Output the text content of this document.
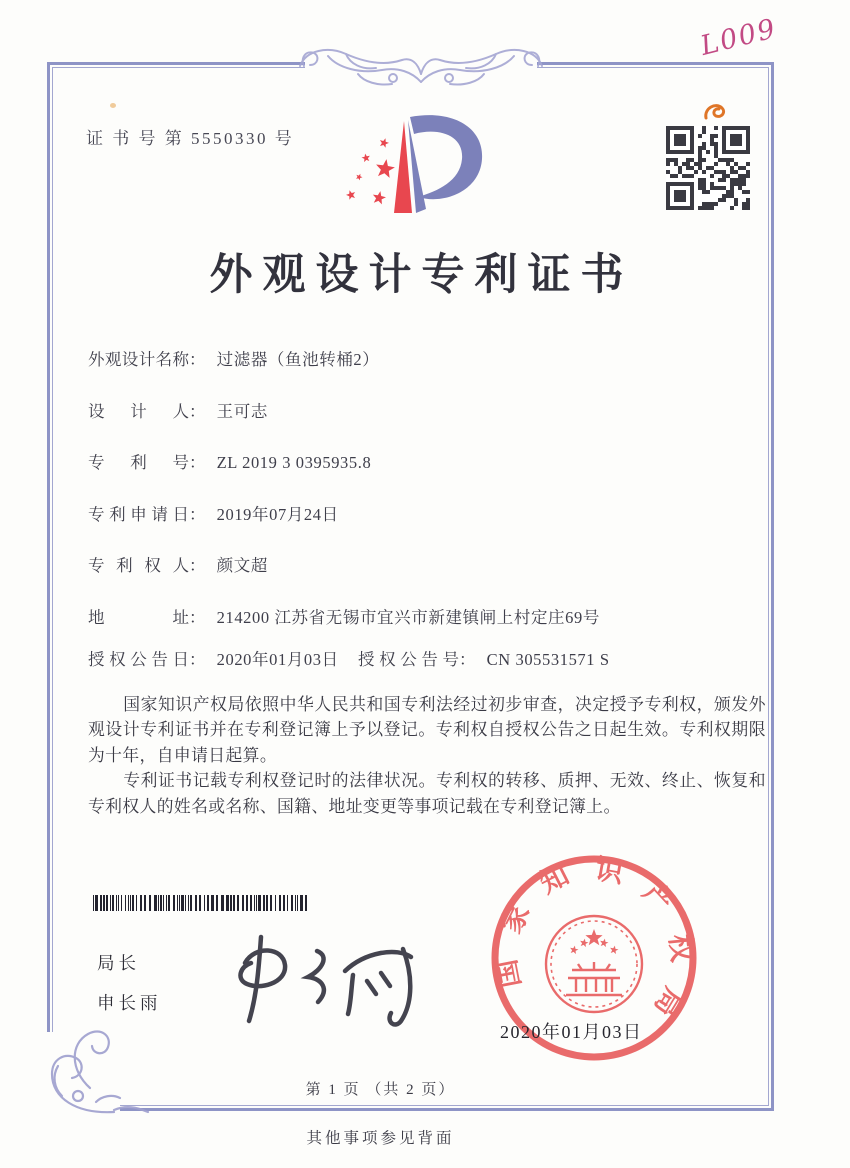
L009
证 书 号 第 5550330 号
外观设计专利证书
外观设计名称： 过滤器（鱼池转桶2）
设计人： 王可志
专利号： ZL 2019 3 0395935.8
专利申请日： 2019年07月24日
专利权人： 颜文超
地址： 214200 江苏省无锡市宜兴市新建镇闸上村定庄69号
授权公告日： 2020年01月03日 授权公告号： CN 305531571 S

国家知识产权局依照中华人民共和国专利法经过初步审查，决定授予专利权，颁发外观设计专利证书并在专利登记簿上予以登记。专利权自授权公告之日起生效。专利权期限为十年，自申请日起算。

专利证书记载专利权登记时的法律状况。专利权的转移、质押、无效、终止、恢复和专利权人的姓名或名称、国籍、地址变更等事项记载在专利登记簿上。

局长
申长雨
国家知识产权局
2020年01月03日
第 1 页 （共 2 页）
其他事项参见背面
